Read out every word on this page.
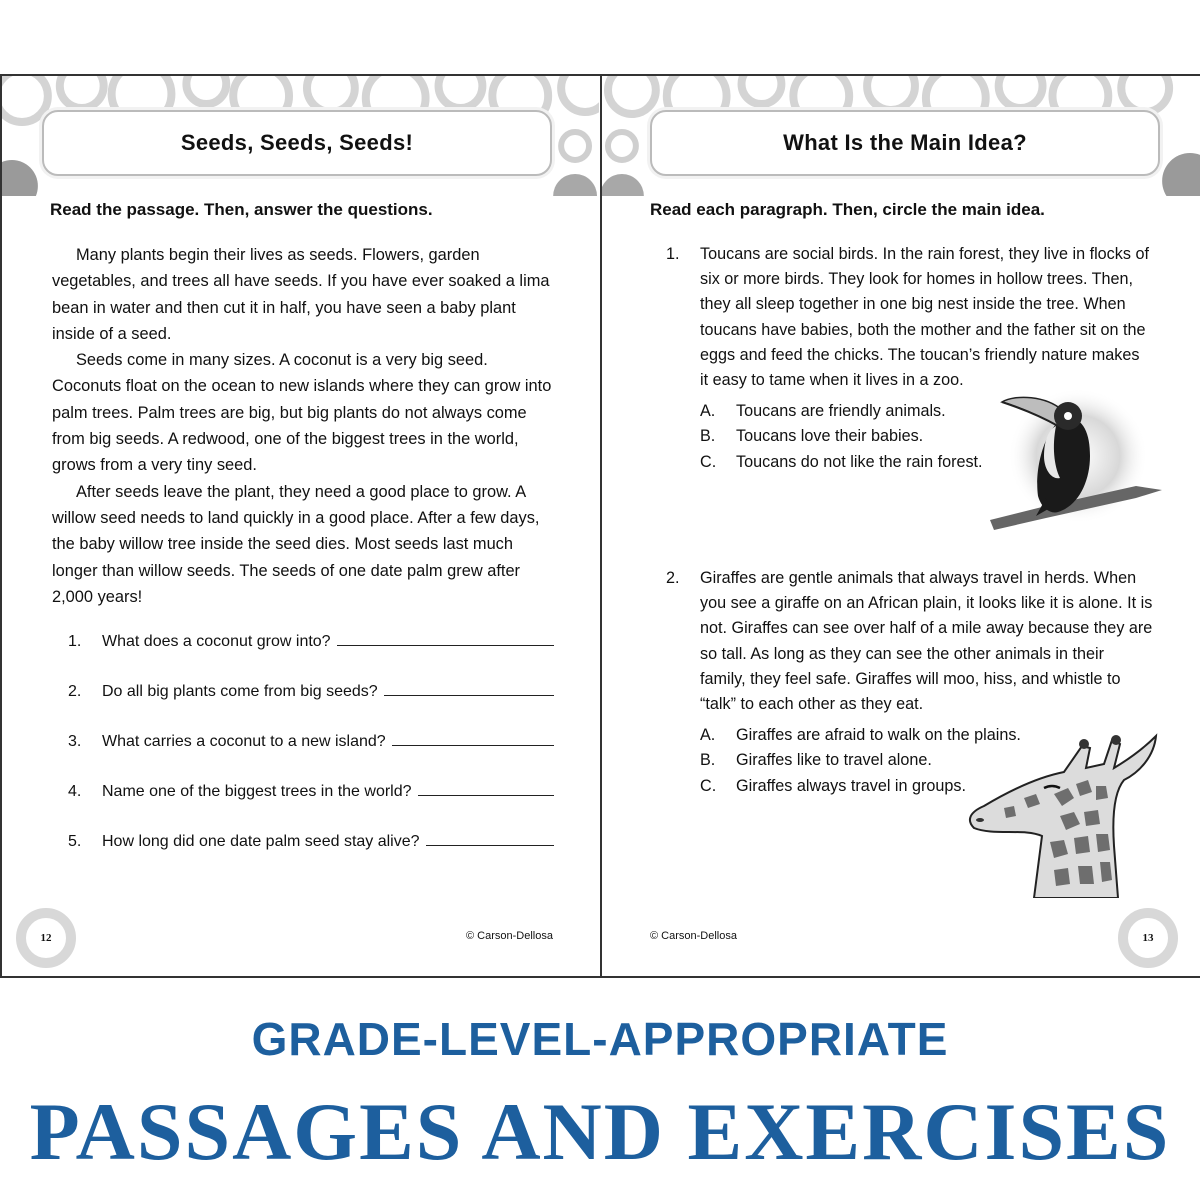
Seeds, Seeds, Seeds!
Read the passage. Then, answer the questions.

Many plants begin their lives as seeds. Flowers, garden vegetables, and trees all have seeds. If you have ever soaked a lima bean in water and then cut it in half, you have seen a baby plant inside of a seed.

Seeds come in many sizes. A coconut is a very big seed. Coconuts float on the ocean to new islands where they can grow into palm trees. Palm trees are big, but big plants do not always come from big seeds. A redwood, one of the biggest trees in the world, grows from a very tiny seed.

After seeds leave the plant, they need a good place to grow. A willow seed needs to land quickly in a good place. After a few days, the baby willow tree inside the seed dies. Most seeds last much longer than willow seeds. The seeds of one date palm grew after 2,000 years!

1.	What does a coconut grow into?
2.	Do all big plants come from big seeds?
3.	What carries a coconut to a new island?
4.	Name one of the biggest trees in the world?
5.	How long did one date palm seed stay alive?
12	© Carson-Dellosa
What Is the Main Idea?
Read each paragraph. Then, circle the main idea.
1. Toucans are social birds. In the rain forest, they live in flocks of six or more birds. They look for homes in hollow trees. Then, they all sleep together in one big nest inside the tree. When toucans have babies, both the mother and the father sit on the eggs and feed the chicks. The toucan’s friendly nature makes it easy to tame when it lives in a zoo.
A.	Toucans are friendly animals.
B.	Toucans love their babies.
C.	Toucans do not like the rain forest.
2. Giraffes are gentle animals that always travel in herds. When you see a giraffe on an African plain, it looks like it is alone. It is not. Giraffes can see over half of a mile away because they are so tall. As long as they can see the other animals in their family, they feel safe. Giraffes will moo, hiss, and whistle to “talk” to each other as they eat.
A.	Giraffes are afraid to walk on the plains.
B.	Giraffes like to travel alone.
C.	Giraffes always travel in groups.
13
© Carson-Dellosa
GRADE-LEVEL-APPROPRIATE
PASSAGES AND EXERCISES
